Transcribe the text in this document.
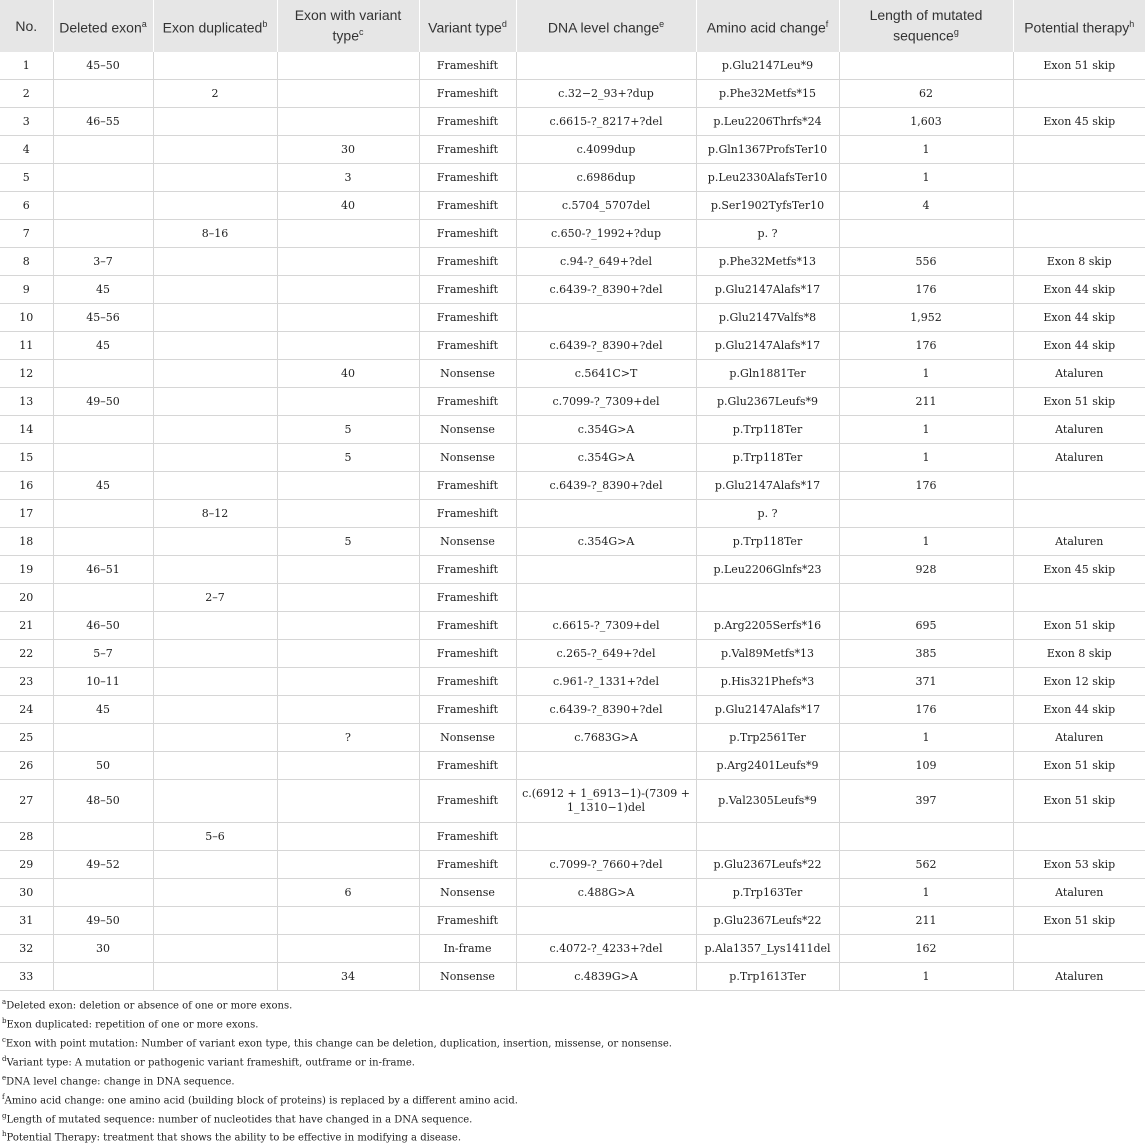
No.	Deleted exon$^a$	Exon duplicated$^b$	Exon with variant type$^c$	Variant type$^d$	DNA level change$^e$	Amino acid change$^f$	Length of mutated sequence$^g$	Potential therapy$^h$
1	45–50			Frameshift		p.Glu2147Leu*9		Exon 51 skip
2		2		Frameshift	c.32−2_93+?dup	p.Phe32Metfs*15	62	
3	46–55			Frameshift	c.6615-?_8217+?del	p.Leu2206Thrfs*24	1,603	Exon 45 skip
4			30	Frameshift	c.4099dup	p.Gln1367ProfsTer10	1	
5			3	Frameshift	c.6986dup	p.Leu2330AlafsTer10	1	
6			40	Frameshift	c.5704_5707del	p.Ser1902TyfsTer10	4	
7		8–16		Frameshift	c.650-?_1992+?dup	p. ?		
8	3–7			Frameshift	c.94-?_649+?del	p.Phe32Metfs*13	556	Exon 8 skip
9	45			Frameshift	c.6439-?_8390+?del	p.Glu2147Alafs*17	176	Exon 44 skip
10	45–56			Frameshift		p.Glu2147Valfs*8	1,952	Exon 44 skip
11	45			Frameshift	c.6439-?_8390+?del	p.Glu2147Alafs*17	176	Exon 44 skip
12			40	Nonsense	c.5641C>T	p.Gln1881Ter	1	Ataluren
13	49–50			Frameshift	c.7099-?_7309+del	p.Glu2367Leufs*9	211	Exon 51 skip
14			5	Nonsense	c.354G>A	p.Trp118Ter	1	Ataluren
15			5	Nonsense	c.354G>A	p.Trp118Ter	1	Ataluren
16	45			Frameshift	c.6439-?_8390+?del	p.Glu2147Alafs*17	176	
17		8–12		Frameshift		p. ?		
18			5	Nonsense	c.354G>A	p.Trp118Ter	1	Ataluren
19	46–51			Frameshift		p.Leu2206Glnfs*23	928	Exon 45 skip
20		2–7		Frameshift				
21	46–50			Frameshift	c.6615-?_7309+del	p.Arg2205Serfs*16	695	Exon 51 skip
22	5–7			Frameshift	c.265-?_649+?del	p.Val89Metfs*13	385	Exon 8 skip
23	10–11			Frameshift	c.961-?_1331+?del	p.His321Phefs*3	371	Exon 12 skip
24	45			Frameshift	c.6439-?_8390+?del	p.Glu2147Alafs*17	176	Exon 44 skip
25			?	Nonsense	c.7683G>A	p.Trp2561Ter	1	Ataluren
26	50			Frameshift		p.Arg2401Leufs*9	109	Exon 51 skip
27	48–50			Frameshift	c.(6912 + 1_6913−1)-(7309 + 1_1310−1)del	p.Val2305Leufs*9	397	Exon 51 skip
28		5–6		Frameshift				
29	49–52			Frameshift	c.7099-?_7660+?del	p.Glu2367Leufs*22	562	Exon 53 skip
30			6	Nonsense	c.488G>A	p.Trp163Ter	1	Ataluren
31	49–50			Frameshift		p.Glu2367Leufs*22	211	Exon 51 skip
32	30			In-frame	c.4072-?_4233+?del	p.Ala1357_Lys1411del	162	
33			34	Nonsense	c.4839G>A	p.Trp1613Ter	1	Ataluren
$^a$Deleted exon: deletion or absence of one or more exons.
$^b$Exon duplicated: repetition of one or more exons.
$^c$Exon with point mutation: Number of variant exon type, this change can be deletion, duplication, insertion, missense, or nonsense.
$^d$Variant type: A mutation or pathogenic variant frameshift, outframe or in-frame.
$^e$DNA level change: change in DNA sequence.
$^f$Amino acid change: one amino acid (building block of proteins) is replaced by a different amino acid.
$^g$Length of mutated sequence: number of nucleotides that have changed in a DNA sequence.
$^h$Potential Therapy: treatment that shows the ability to be effective in modifying a disease.
